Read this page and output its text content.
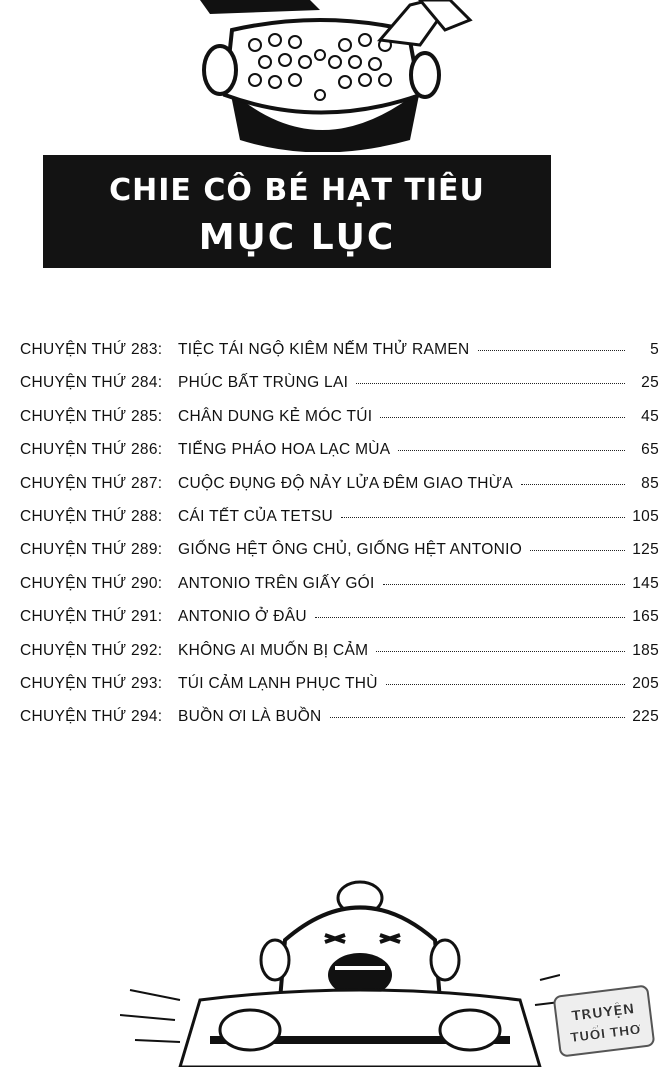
CHIE CÔ BÉ HẠT TIÊU
MỤC LỤC
CHUYỆN THỨ 283:	TIỆC TÁI NGỘ KIÊM NẾM THỬ RAMEN	5
CHUYỆN THỨ 284:	PHÚC BẤT TRÙNG LAI	25
CHUYỆN THỨ 285:	CHÂN DUNG KẺ MÓC TÚI	45
CHUYỆN THỨ 286:	TIẾNG PHÁO HOA LẠC MÙA	65
CHUYỆN THỨ 287:	CUỘC ĐỤNG ĐỘ NẢY LỬA ĐÊM GIAO THỪA	85
CHUYỆN THỨ 288:	CÁI TẾT CỦA TETSU	105
CHUYỆN THỨ 289:	GIỐNG HỆT ÔNG CHỦ, GIỐNG HỆT ANTONIO	125
CHUYỆN THỨ 290:	ANTONIO TRÊN GIẤY GÓI	145
CHUYỆN THỨ 291:	ANTONIO Ở ĐÂU	165
CHUYỆN THỨ 292:	KHÔNG AI MUỐN BỊ CẢM	185
CHUYỆN THỨ 293:	TÚI CẢM LẠNH PHỤC THÙ	205
CHUYỆN THỨ 294:	BUỒN ƠI LÀ BUỒN	225
TRUYỆN
TUỔI THƠ
